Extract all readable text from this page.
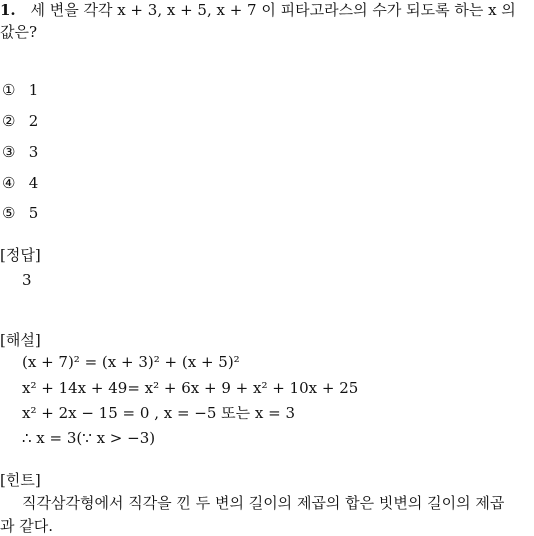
1. 세 변을 각각 x + 3, x + 5, x + 7 이 피타고라스의 수가 되도록 하는 x 의
값은?
① 1
② 2
③ 3
④ 4
⑤ 5
[정답]
3
[해설]
(x + 7)² = (x + 3)² + (x + 5)²
x² + 14x + 49= x² + 6x + 9 + x² + 10x + 25
x² + 2x − 15 = 0 , x = −5 또는 x = 3
∴ x = 3(∵ x > −3)
[힌트]
직각삼각형에서 직각을 낀 두 변의 길이의 제곱의 합은 빗변의 길이의 제곱
과 같다.
